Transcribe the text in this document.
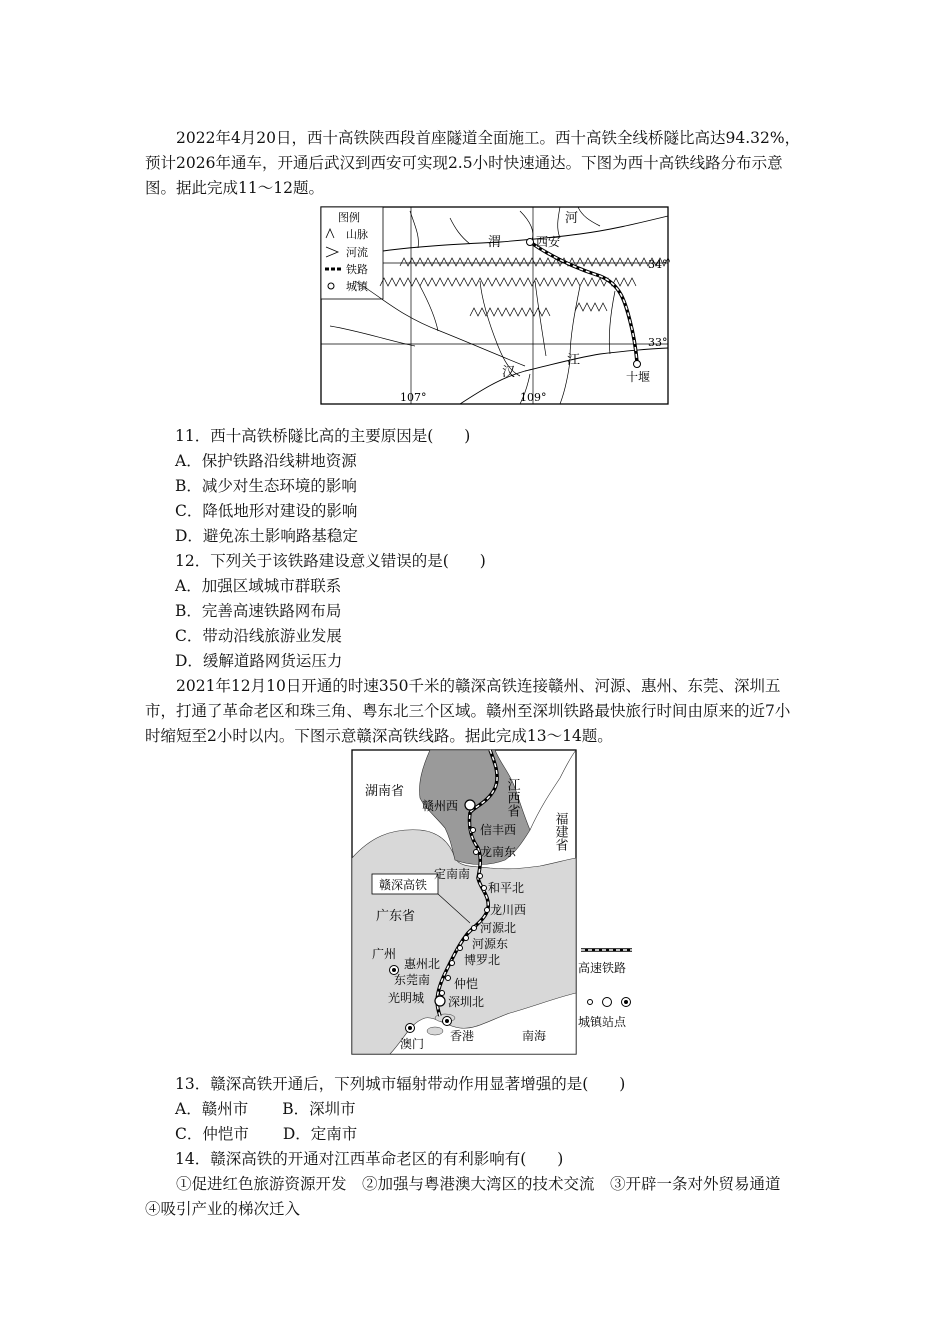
2022年4月20日，西十高铁陕西段首座隧道全面施工。西十高铁全线桥隧比高达94.32%，预计2026年通车，开通后武汉到西安可实现2.5小时快速通达。下图为西十高铁线路分布示意图。据此完成11～12题。

图例
山脉
河流
铁路
城镇
河
渭	西安
34°
33°
江
汉	十堰
107°	109°
11．西十高铁桥隧比高的主要原因是(　　)
A．保护铁路沿线耕地资源
B．减少对生态环境的影响
C．降低地形对建设的影响
D．避免冻土影响路基稳定
12．下列关于该铁路建设意义错误的是(　　)
A．加强区域城市群联系
B．完善高速铁路网布局
C．带动沿线旅游业发展
D．缓解道路网货运压力

2021年12月10日开通的时速350千米的赣深高铁连接赣州、河源、惠州、东莞、深圳五市，打通了革命老区和珠三角、粤东北三个区域。赣州至深圳铁路最快旅行时间由原来的近7小时缩短至2小时以内。下图示意赣深高铁线路。据此完成13～14题。

赣深高铁
湖南省	江西省
福建省
广东省
赣州西
信丰西
龙南东
定南南
和平北
龙川西
河源北
河源东
博罗北
惠州北
东莞南 仲恺
光明城 深圳北
广州
澳门
香港	南海
高速铁路
城镇站点
13．赣深高铁开通后，下列城市辐射带动作用显著增强的是(　　)
A．赣州市 B．深圳市
C．仲恺市 D．定南市
14．赣深高铁的开通对江西革命老区的有利影响有(　　)

①促进红色旅游资源开发　②加强与粤港澳大湾区的技术交流　③开辟一条对外贸易通道　④吸引产业的梯次迁入
